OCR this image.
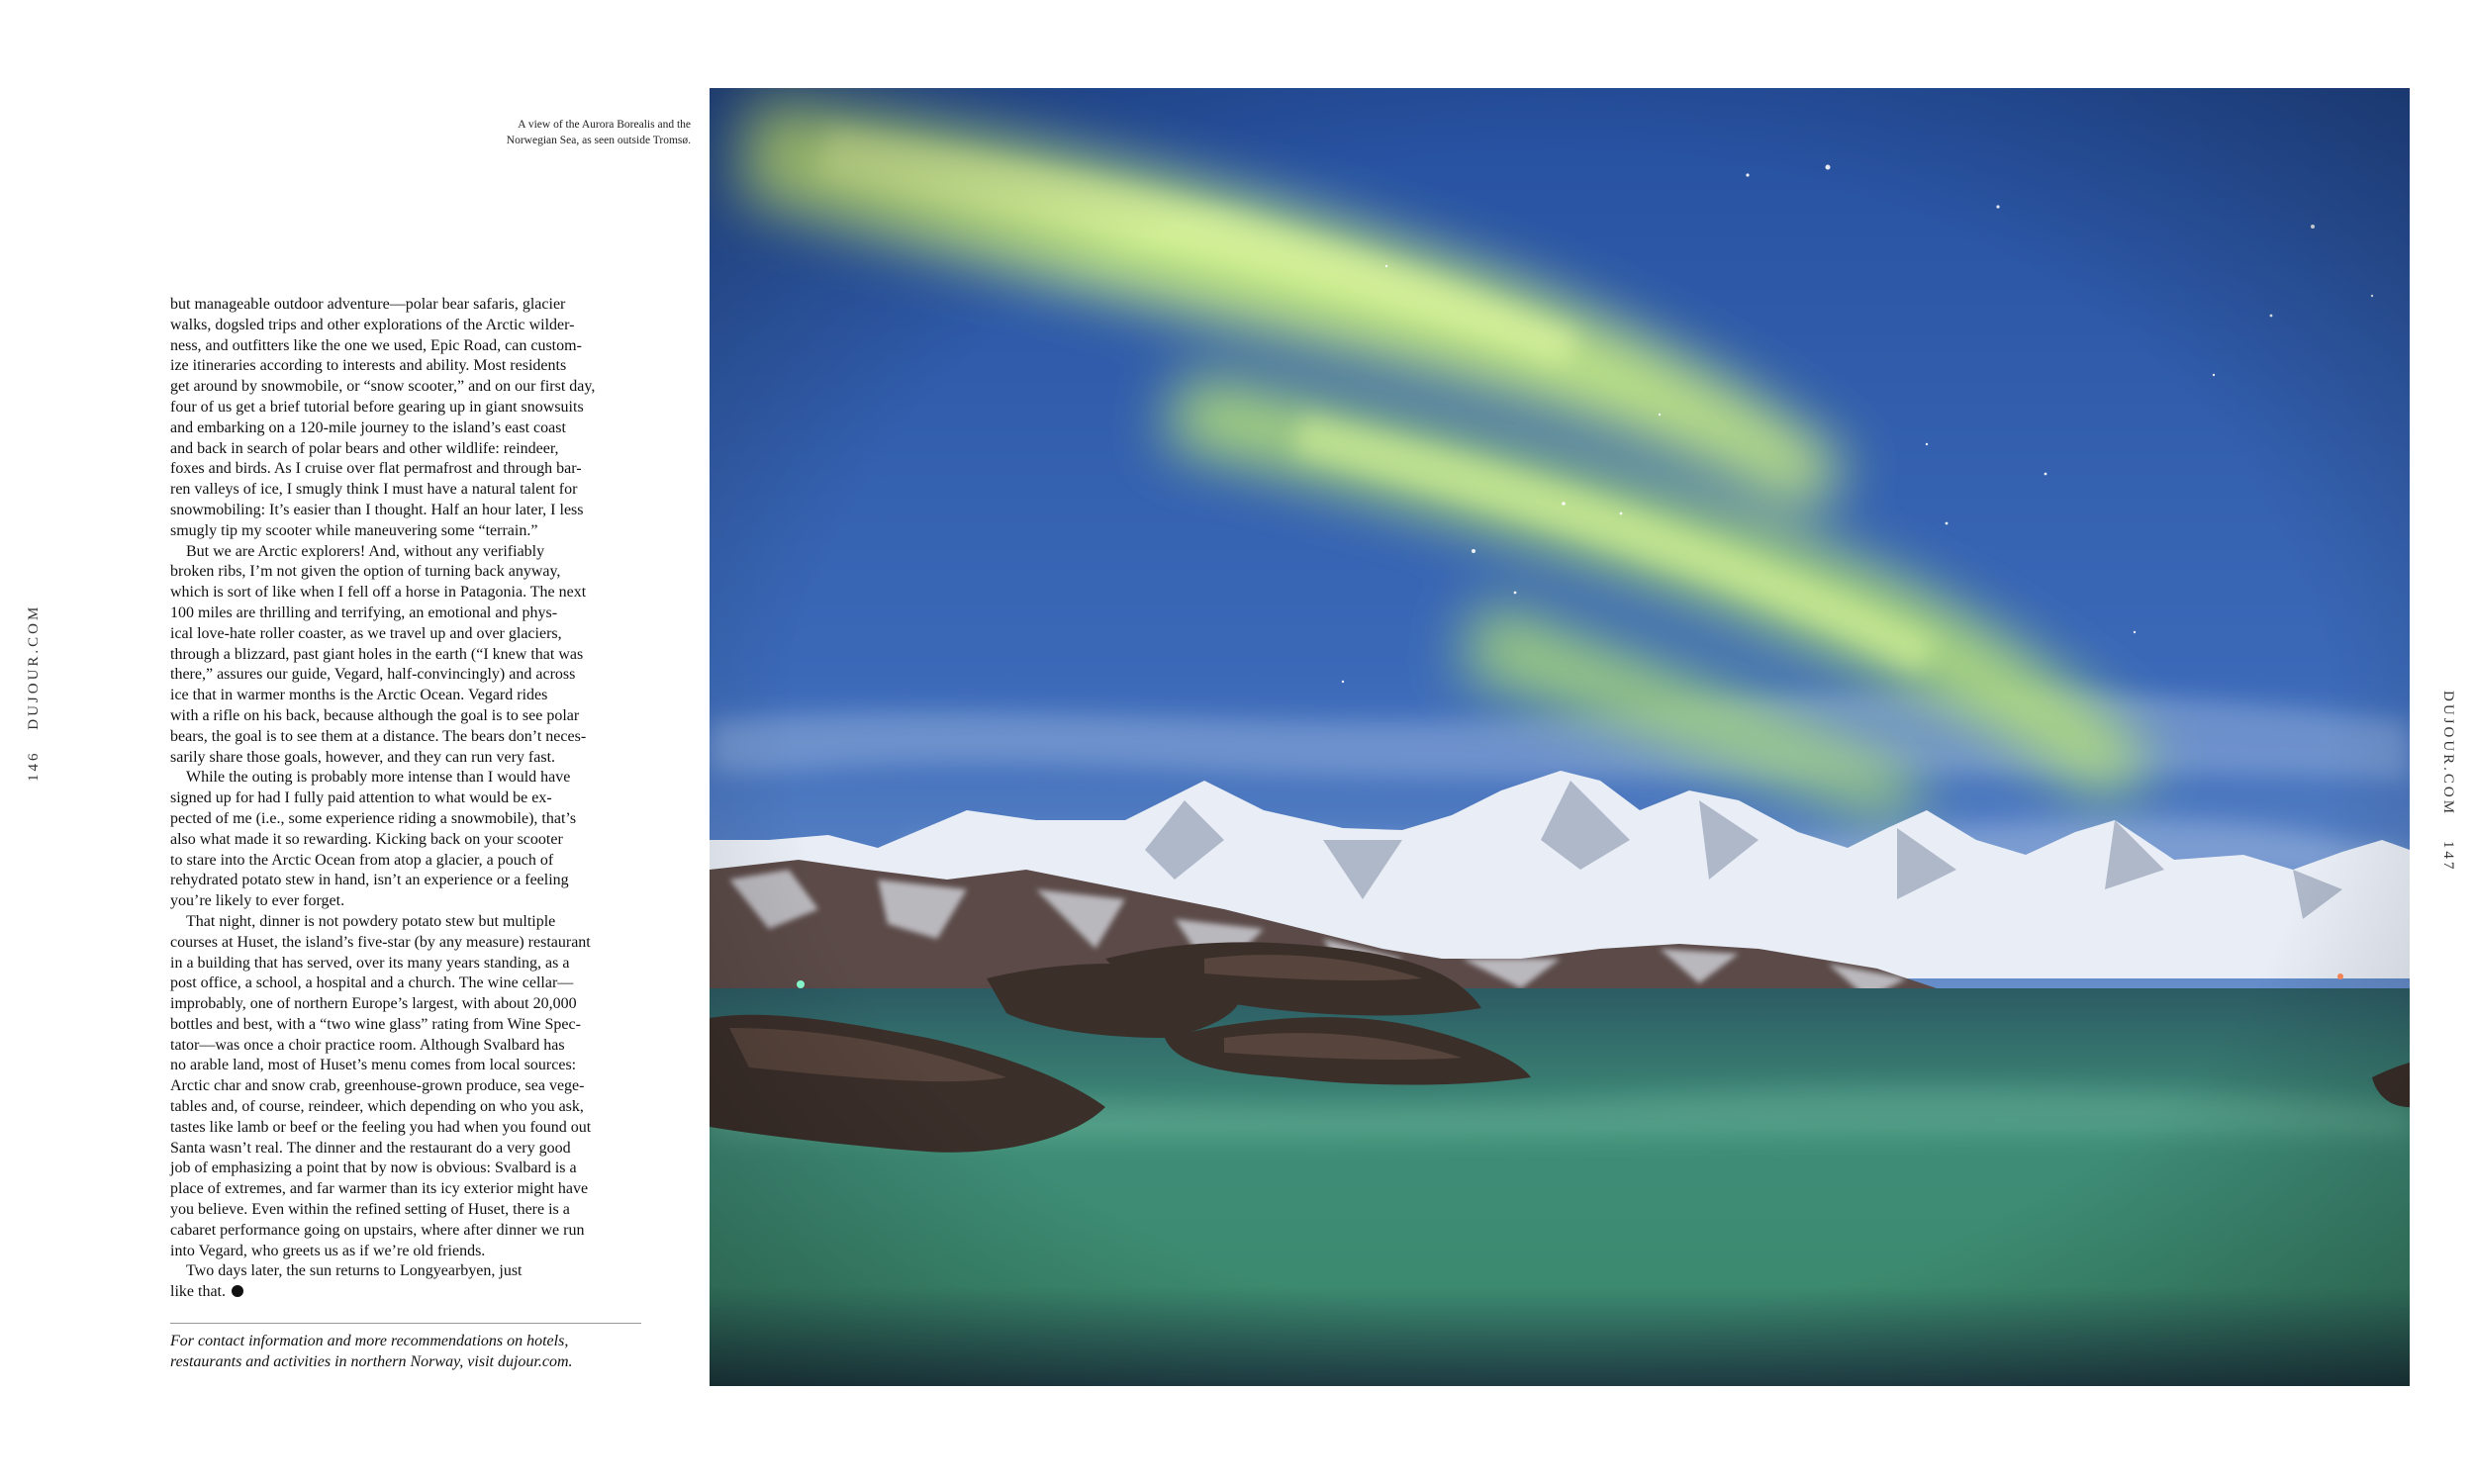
146 DUJOUR.COM
DUJOUR.COM 147
A view of the Aurora Borealis and the
Norwegian Sea, as seen outside Tromsø.

but manageable outdoor adventure—polar bear safaris, glacier
walks, dogsled trips and other explorations of the Arctic wilder-
ness, and outfitters like the one we used, Epic Road, can custom-
ize itineraries according to interests and ability. Most residents
get around by snowmobile, or “snow scooter,” and on our first day,
four of us get a brief tutorial before gearing up in giant snowsuits
and embarking on a 120-mile journey to the island’s east coast
and back in search of polar bears and other wildlife: reindeer,
foxes and birds. As I cruise over flat permafrost and through bar-
ren valleys of ice, I smugly think I must have a natural talent for
snowmobiling: It’s easier than I thought. Half an hour later, I less
smugly tip my scooter while maneuvering some “terrain.”

But we are Arctic explorers! And, without any verifiably
broken ribs, I’m not given the option of turning back anyway,
which is sort of like when I fell off a horse in Patagonia. The next
100 miles are thrilling and terrifying, an emotional and phys-
ical love-hate roller coaster, as we travel up and over glaciers,
through a blizzard, past giant holes in the earth (“I knew that was
there,” assures our guide, Vegard, half-convincingly) and across
ice that in warmer months is the Arctic Ocean. Vegard rides
with a rifle on his back, because although the goal is to see polar
bears, the goal is to see them at a distance. The bears don’t neces-
sarily share those goals, however, and they can run very fast.

While the outing is probably more intense than I would have
signed up for had I fully paid attention to what would be ex-
pected of me (i.e., some experience riding a snowmobile), that’s
also what made it so rewarding. Kicking back on your scooter
to stare into the Arctic Ocean from atop a glacier, a pouch of
rehydrated potato stew in hand, isn’t an experience or a feeling
you’re likely to ever forget.

That night, dinner is not powdery potato stew but multiple
courses at Huset, the island’s five-star (by any measure) restaurant
in a building that has served, over its many years standing, as a
post office, a school, a hospital and a church. The wine cellar—
improbably, one of northern Europe’s largest, with about 20,000
bottles and best, with a “two wine glass” rating from Wine Spec-
tator—was once a choir practice room. Although Svalbard has
no arable land, most of Huset’s menu comes from local sources:
Arctic char and snow crab, greenhouse-grown produce, sea vege-
tables and, of course, reindeer, which depending on who you ask,
tastes like lamb or beef or the feeling you had when you found out
Santa wasn’t real. The dinner and the restaurant do a very good
job of emphasizing a point that by now is obvious: Svalbard is a
place of extremes, and far warmer than its icy exterior might have
you believe. Even within the refined setting of Huset, there is a
cabaret performance going on upstairs, where after dinner we run
into Vegard, who greets us as if we’re old friends.

Two days later, the sun returns to Longyearbyen, just
like that.

For contact information and more recommendations on hotels,
restaurants and activities in northern Norway, visit dujour.com.
